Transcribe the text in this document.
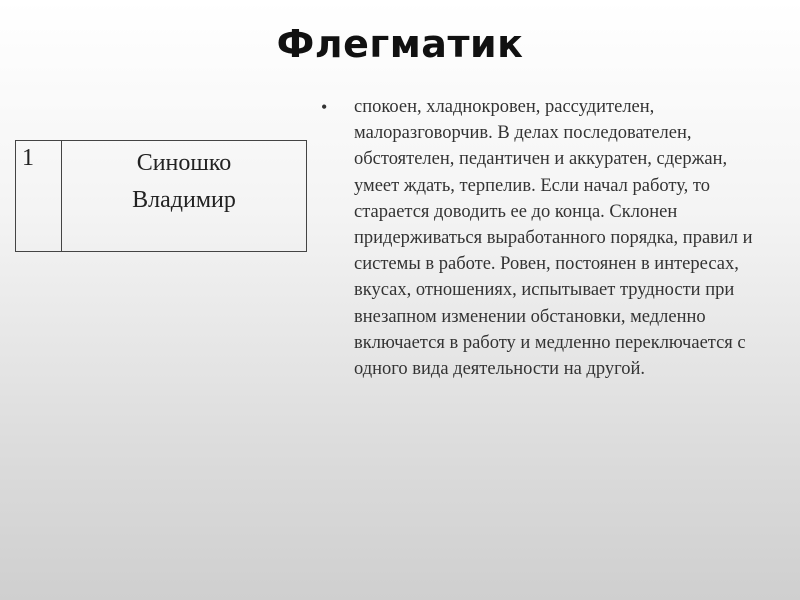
Флегматик
1	Синошко
Владимир
• спокоен, хладнокровен, рассудителен, малоразговорчив. В делах последователен, обстоятелен, педантичен и аккуратен, сдержан, умеет ждать, терпелив. Если начал работу, то старается доводить ее до конца. Склонен придерживаться выработанного порядка, правил и системы в работе. Ровен, постоянен в интересах, вкусах, отношениях, испытывает трудности при внезапном изменении обстановки, медленно включается в работу и медленно переключается с одного вида деятельности на другой.
